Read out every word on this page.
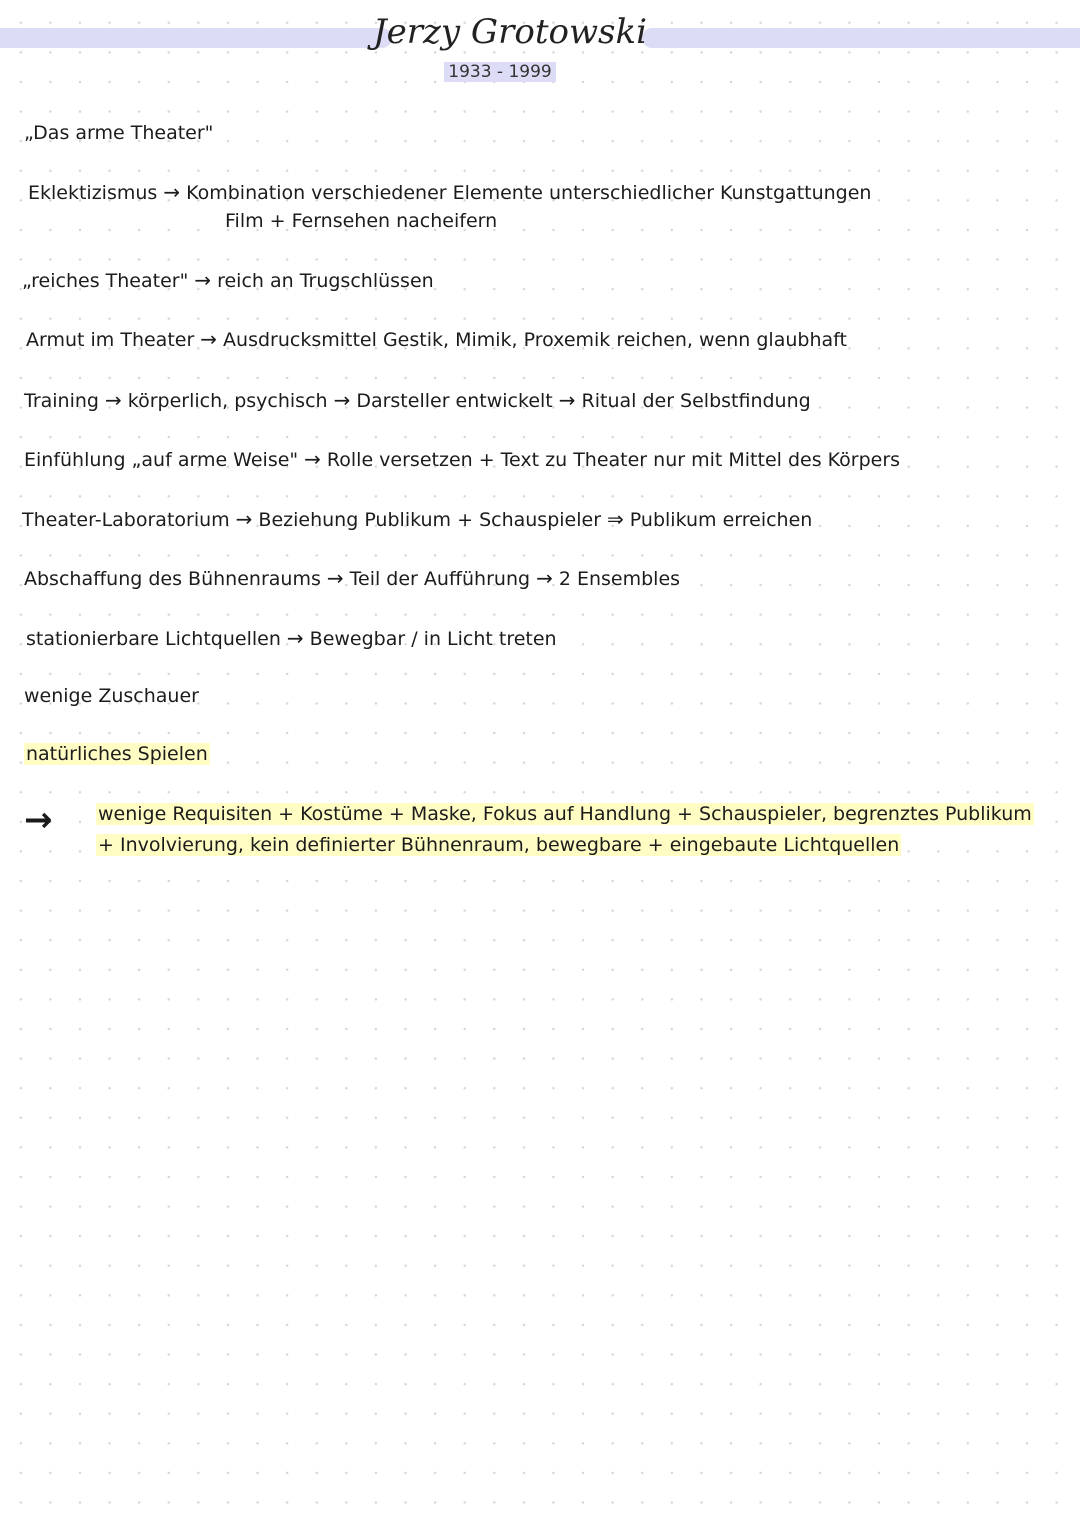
Jerzy Grotowski
1933 - 1999
„Das arme Theater"
Eklektizismus → Kombination verschiedener Elemente unterschiedlicher Kunstgattungen
Film + Fernsehen nacheifern
„reiches Theater" → reich an Trugschlüssen
Armut im Theater → Ausdrucksmittel Gestik, Mimik, Proxemik reichen, wenn glaubhaft
Training → körperlich, psychisch → Darsteller entwickelt → Ritual der Selbstfindung
Einfühlung „auf arme Weise" → Rolle versetzen + Text zu Theater nur mit Mittel des Körpers
Theater-Laboratorium → Beziehung Publikum + Schauspieler ⇒ Publikum erreichen
Abschaffung des Bühnenraums → Teil der Aufführung → 2 Ensembles
stationierbare Lichtquellen → Bewegbar / in Licht treten
wenige Zuschauer
natürliches Spielen
→ wenige Requisiten + Kostüme + Maske, Fokus auf Handlung + Schauspieler, begrenztes Publikum
+ Involvierung, kein definierter Bühnenraum, bewegbare + eingebaute Lichtquellen
